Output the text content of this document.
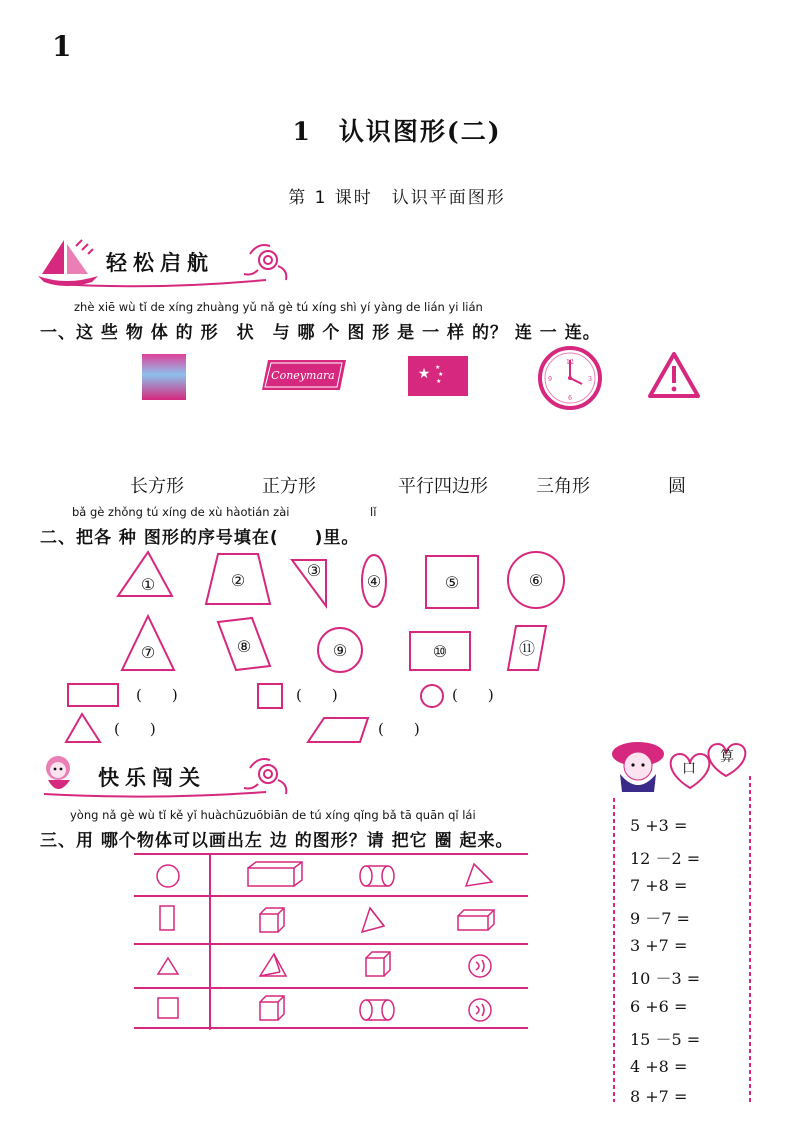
1
1　认识图形(二)
第 1 课时　认识平面图形
轻松启航
zhè xiē wù tǐ de xíng zhuàng yǔ nǎ gè tú xíng shì yí yàng de lián yi lián
一、这 些 物 体 的 形　状　与 哪 个 图 形 是 一 样 的？ 连 一 连。
Coneymara	★ ★
★
★
12
3
6
9
长方形	正方形	平行四边形	三角形	圆
bǎ gè zhǒng tú xíng de xù hàotián zài	lǐ
二、把各 种 图形的序号填在(　　)里。
①	②
③
④	⑤	⑥
⑦	⑧	⑨	⑩	⑪
(　　)	(　　)	(　　)
(　　)	(　　)
快乐闯关
yòng nǎ gè wù tǐ kě yǐ huàchūzuōbiān de tú xíng qǐng bǎ tā quān qǐ lái
三、用 哪个物体可以画出左 边 的图形？请 把它 圈 起来。
口
算
5 +3 =
12 －2 =
7 +8 =
9 －7 =
3 +7 =
10 －3 =
6 +6 =
15 －5 =
4 +8 =
8 +7 =
